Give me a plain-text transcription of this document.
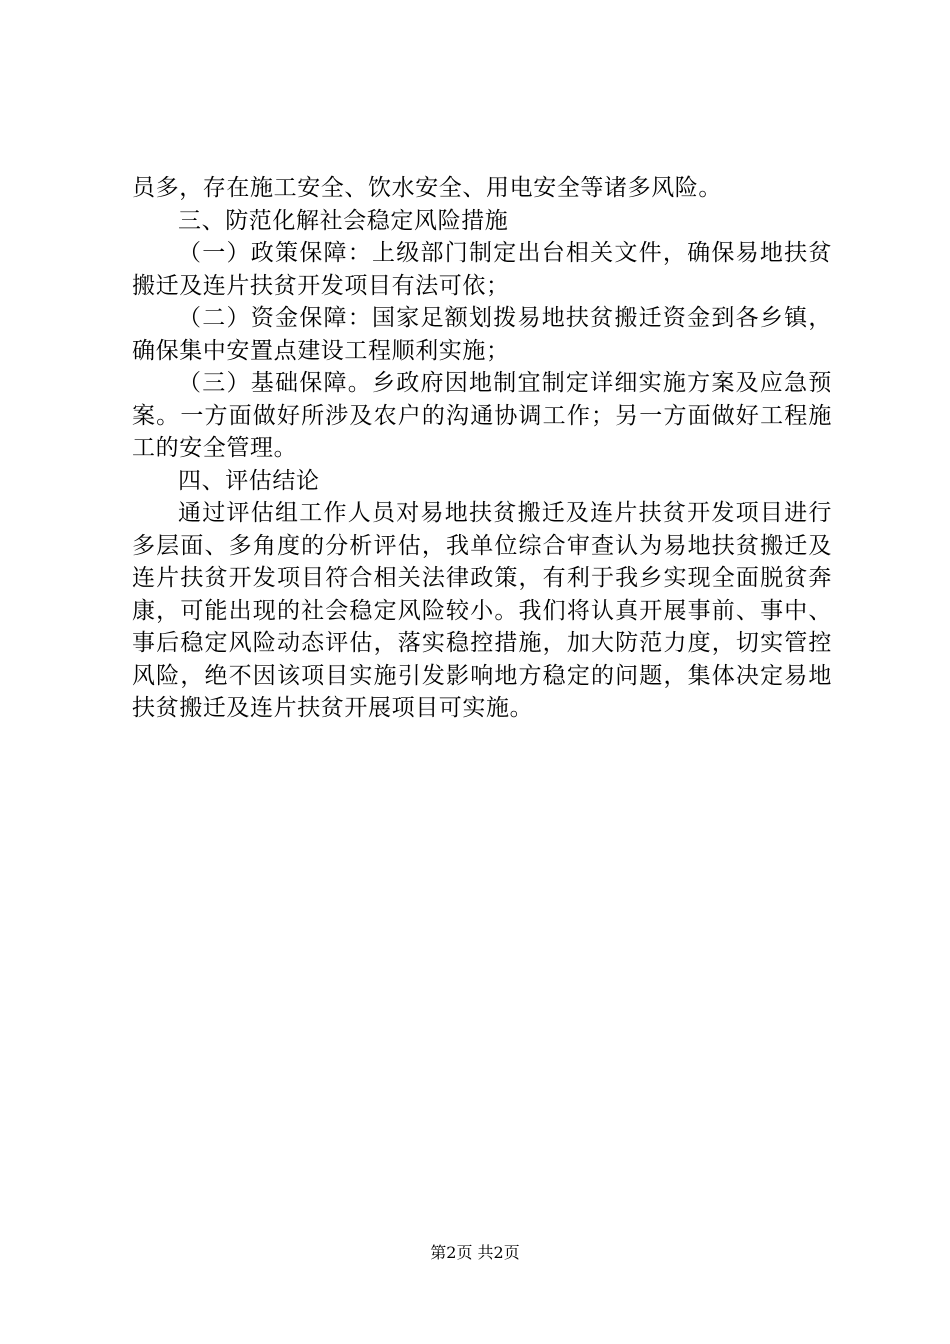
员多，存在施工安全、饮水安全、用电安全等诸多风险。

三、防范化解社会稳定风险措施

（一）政策保障：上级部门制定出台相关文件，确保易地扶贫搬迁及连片扶贫开发项目有法可依；

（二）资金保障：国家足额划拨易地扶贫搬迁资金到各乡镇，确保集中安置点建设工程顺利实施；

（三）基础保障。乡政府因地制宜制定详细实施方案及应急预案。一方面做好所涉及农户的沟通协调工作；另一方面做好工程施工的安全管理。

四、评估结论

通过评估组工作人员对易地扶贫搬迁及连片扶贫开发项目进行多层面、多角度的分析评估，我单位综合审查认为易地扶贫搬迁及连片扶贫开发项目符合相关法律政策，有利于我乡实现全面脱贫奔康，可能出现的社会稳定风险较小。我们将认真开展事前、事中、事后稳定风险动态评估，落实稳控措施，加大防范力度，切实管控风险，绝不因该项目实施引发影响地方稳定的问题，集体决定易地扶贫搬迁及连片扶贫开展项目可实施。

第2页 共2页
